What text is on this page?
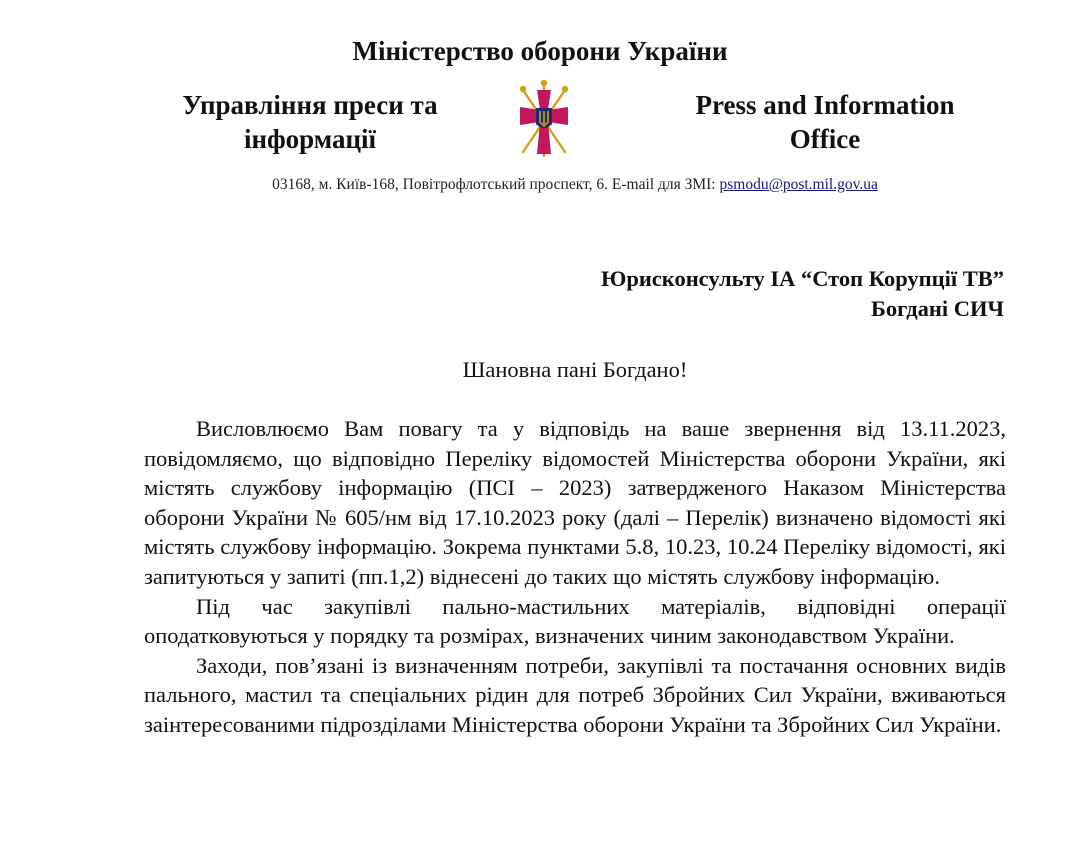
Міністерство оборони України
Управління преси та
інформації
Press and Information
Office
03168, м. Київ-168, Повітрофлотський проспект, 6. E-mail для ЗМІ: psmodu@post.mil.gov.ua
Юрисконсульту ІА “Стоп Корупції ТВ”
Богдані СИЧ
Шановна пані Богдано!

Висловлюємо Вам повагу та у відповідь на ваше звернення від 13.11.2023, повідомляємо, що відповідно Переліку відомостей Міністерства оборони України, які містять службову інформацію (ПСІ – 2023) затвердженого Наказом Міністерства оборони України № 605/нм від 17.10.2023 року (далі – Перелік) визначено відомості які містять службову інформацію. Зокрема пунктами 5.8, 10.23, 10.24 Переліку відомості, які запитуються у запиті (пп.1,2) віднесені до таких що містять службову інформацію.

Під час закупівлі пально-мастильних матеріалів, відповідні операції оподатковуються у порядку та розмірах, визначених чиним законодавством України.

Заходи, пов’язані із визначенням потреби, закупівлі та постачання основних видів пального, мастил та спеціальних рідин для потреб Збройних Сил України, вживаються заінтересованими підрозділами Міністерства оборони України та Збройних Сил України.
